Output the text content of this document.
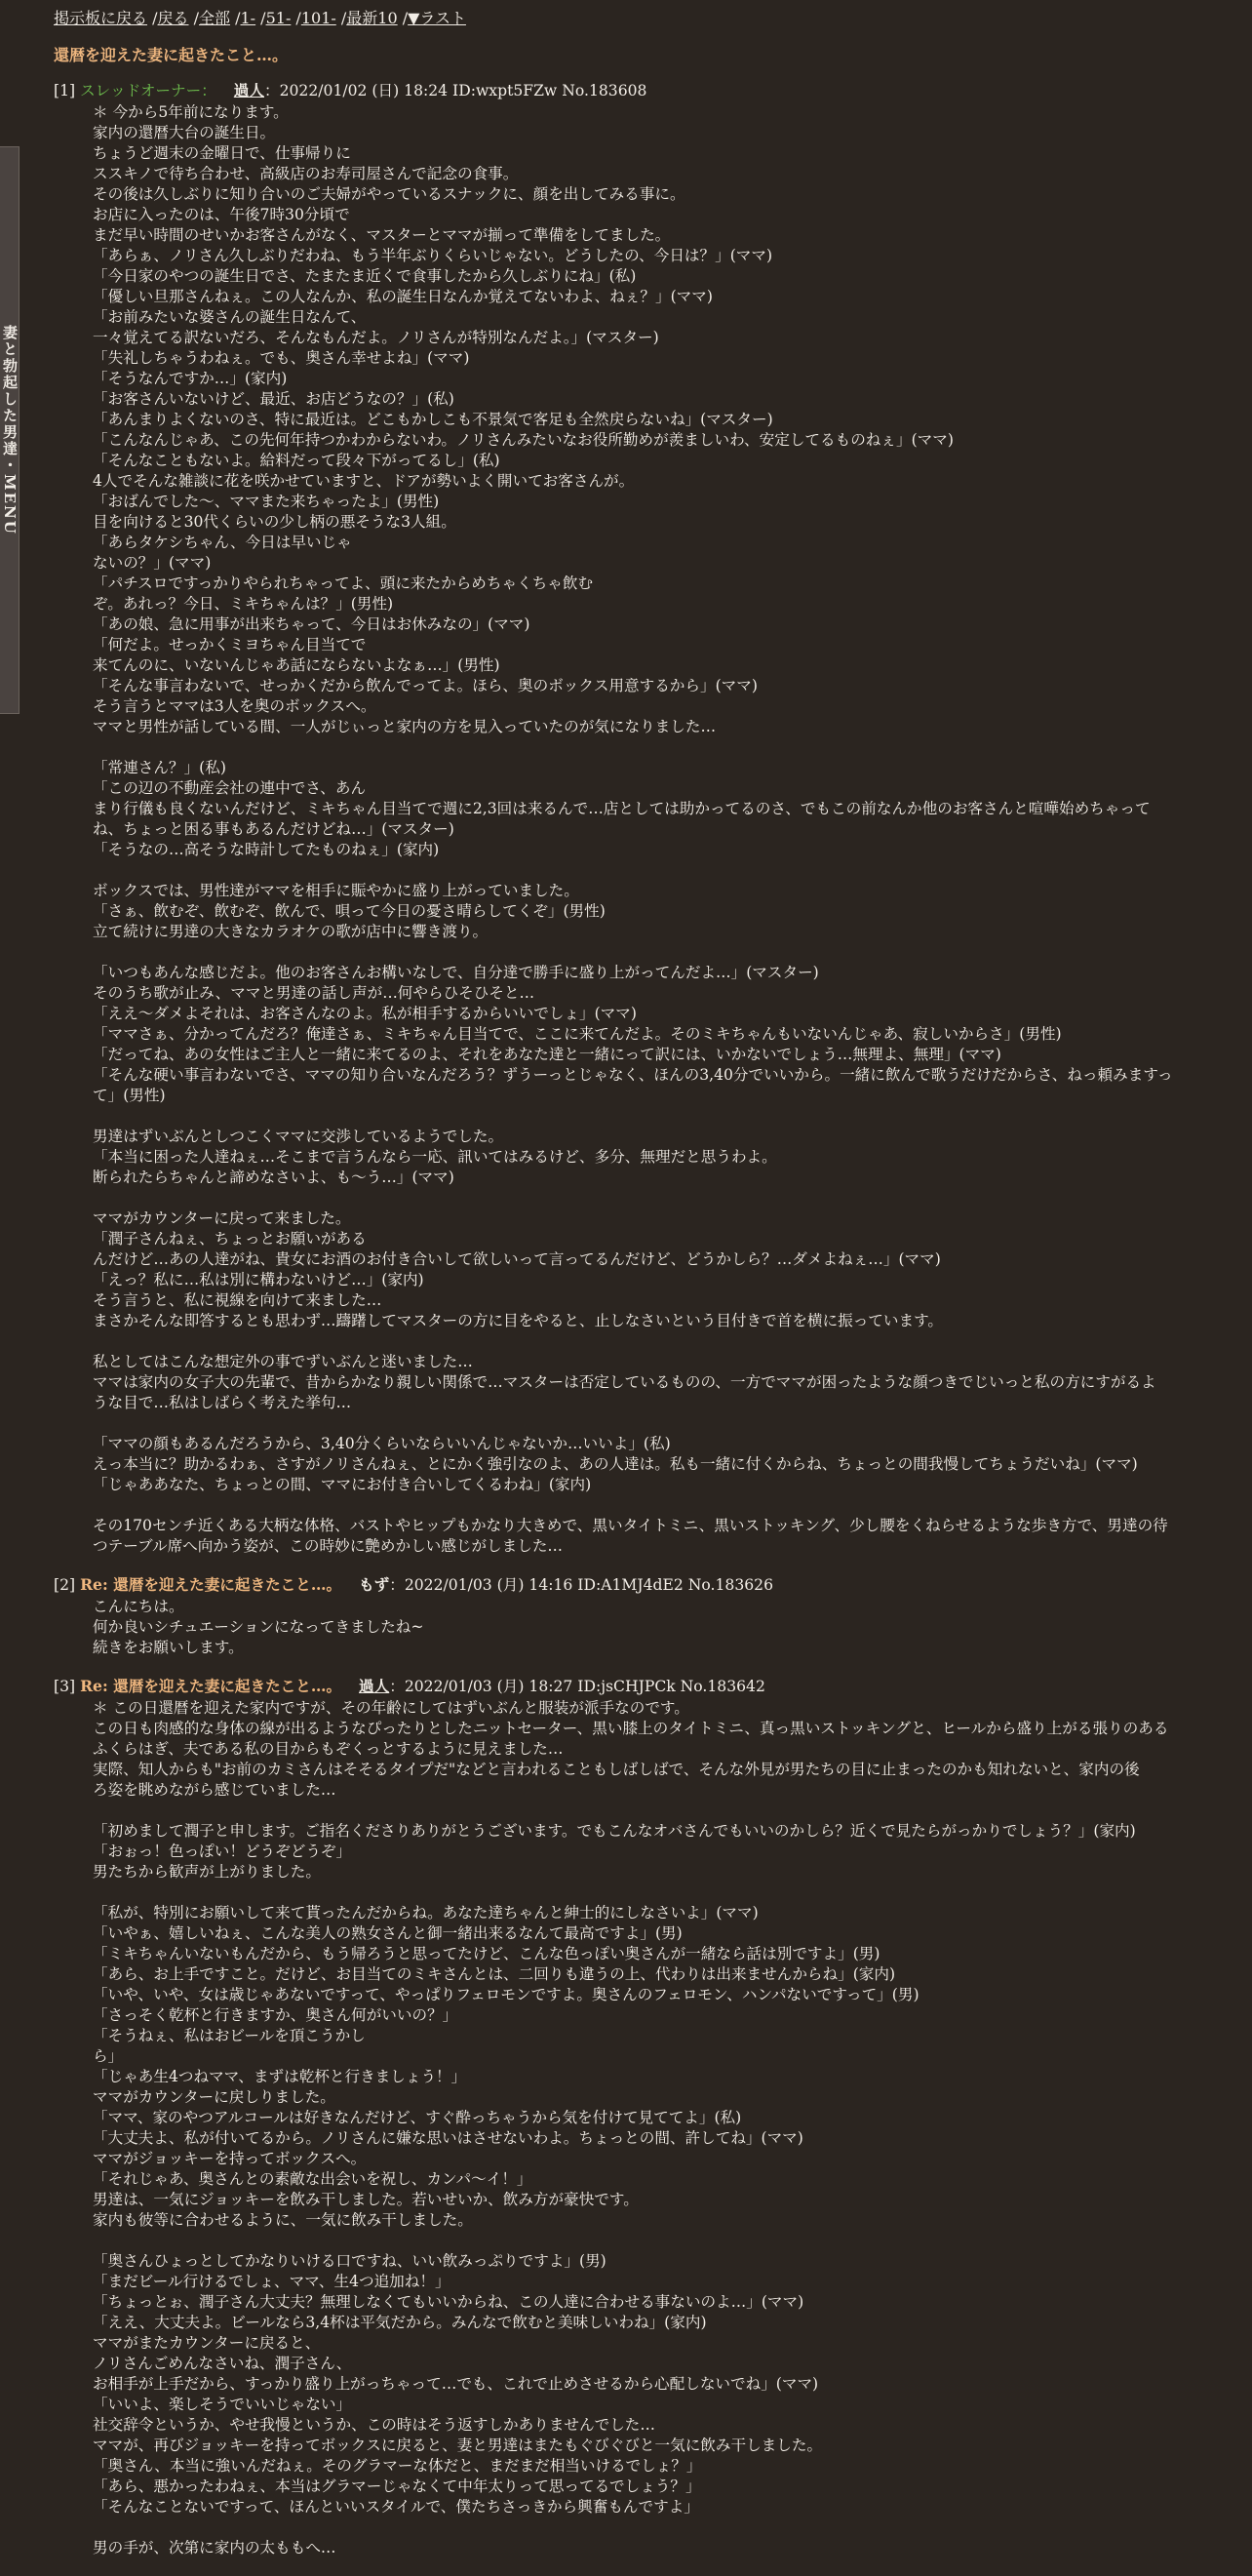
掲示板に戻る /戻る /全部 /1- /51- /101- /最新10 /▼ラスト
還暦を迎えた妻に起きたこと…。
妻と勃起した男達・MENU
[1] スレッドオーナー： 過人：2022/01/02 (日) 18:24 ID:wxpt5FZw No.183608
＊ 今から5年前になります。
家内の還暦大台の誕生日。
ちょうど週末の金曜日で、仕事帰りに
ススキノで待ち合わせ、高級店のお寿司屋さんで記念の食事。
その後は久しぶりに知り合いのご夫婦がやっているスナックに、顔を出してみる事に。
お店に入ったのは、午後7時30分頃で
まだ早い時間のせいかお客さんがなく、マスターとママが揃って準備をしてました。
「あらぁ、ノリさん久しぶりだわね、もう半年ぶりくらいじゃない。どうしたの、今日は？」(ママ)
「今日家のやつの誕生日でさ、たまたま近くで食事したから久しぶりにね」(私)
「優しい旦那さんねぇ。この人なんか、私の誕生日なんか覚えてないわよ、ねぇ？」(ママ)
「お前みたいな婆さんの誕生日なんて、
一々覚えてる訳ないだろ、そんなもんだよ。ノリさんが特別なんだよ。」(マスター)
「失礼しちゃうわねぇ。でも、奥さん幸せよね」(ママ)
「そうなんですか…」(家内)
「お客さんいないけど、最近、お店どうなの？」(私)
「あんまりよくないのさ、特に最近は。どこもかしこも不景気で客足も全然戻らないね」(マスター)
「こんなんじゃあ、この先何年持つかわからないわ。ノリさんみたいなお役所勤めが羨ましいわ、安定してるものねぇ」(ママ)
「そんなこともないよ。給料だって段々下がってるし」(私)
4人でそんな雑談に花を咲かせていますと、ドアが勢いよく開いてお客さんが。
「おばんでした～、ママまた来ちゃったよ」(男性)
目を向けると30代くらいの少し柄の悪そうな3人組。
「あらタケシちゃん、今日は早いじゃ
ないの？」(ママ)
「パチスロですっかりやられちゃってよ、頭に来たからめちゃくちゃ飲む
ぞ。あれっ？今日、ミキちゃんは？」(男性)
「あの娘、急に用事が出来ちゃって、今日はお休みなの」(ママ)
「何だよ。せっかくミヨちゃん目当てで
来てんのに、いないんじゃあ話にならないよなぁ…」(男性)
「そんな事言わないで、せっかくだから飲んでってよ。ほら、奥のボックス用意するから」(ママ)
そう言うとママは3人を奥のボックスへ。
ママと男性が話している間、一人がじぃっと家内の方を見入っていたのが気になりました…
「常連さん？」(私)
「この辺の不動産会社の連中でさ、あん
まり行儀も良くないんだけど、ミキちゃん目当てで週に2,3回は来るんで…店としては助かってるのさ、でもこの前なんか他のお客さんと喧嘩始めちゃって
ね、ちょっと困る事もあるんだけどね…」(マスター)
「そうなの…高そうな時計してたものねぇ」(家内)
ボックスでは、男性達がママを相手に賑やかに盛り上がっていました。
「さぁ、飲むぞ、飲むぞ、飲んで、唄って今日の憂さ晴らしてくぞ」(男性)
立て続けに男達の大きなカラオケの歌が店中に響き渡り。
「いつもあんな感じだよ。他のお客さんお構いなしで、自分達で勝手に盛り上がってんだよ…」(マスター)
そのうち歌が止み、ママと男達の話し声が…何やらひそひそと…
「ええ～ダメよそれは、お客さんなのよ。私が相手するからいいでしょ」(ママ)
「ママさぁ、分かってんだろ？俺達さぁ、ミキちゃん目当てで、ここに来てんだよ。そのミキちゃんもいないんじゃあ、寂しいからさ」(男性)
「だってね、あの女性はご主人と一緒に来てるのよ、それをあなた達と一緒にって訳には、いかないでしょう…無理よ、無理」(ママ)
「そんな硬い事言わないでさ、ママの知り合いなんだろう？ずうーっとじゃなく、ほんの3,40分でいいから。一緒に飲んで歌うだけだからさ、ねっ頼みますっ
て」(男性)
男達はずいぶんとしつこくママに交渉しているようでした。
「本当に困った人達ねぇ…そこまで言うんなら一応、訊いてはみるけど、多分、無理だと思うわよ。
断られたらちゃんと諦めなさいよ、も～う…」(ママ)
ママがカウンターに戻って来ました。
「潤子さんねぇ、ちょっとお願いがある
んだけど…あの人達がね、貴女にお酒のお付き合いして欲しいって言ってるんだけど、どうかしら？…ダメよねぇ…」(ママ)
「えっ？私に…私は別に構わないけど…」(家内)
そう言うと、私に視線を向けて来ました…
まさかそんな即答するとも思わず…躊躇してマスターの方に目をやると、止しなさいという目付きで首を横に振っています。
私としてはこんな想定外の事でずいぶんと迷いました…
ママは家内の女子大の先輩で、昔からかなり親しい関係で…マスターは否定しているものの、一方でママが困ったような顔つきでじいっと私の方にすがるよ
うな目で…私はしばらく考えた挙句…
「ママの顔もあるんだろうから、3,40分くらいならいいんじゃないか…いいよ」(私)
えっ本当に？助かるわぁ、さすがノリさんねぇ、とにかく強引なのよ、あの人達は。私も一緒に付くからね、ちょっとの間我慢してちょうだいね」(ママ)
「じゃああなた、ちょっとの間、ママにお付き合いしてくるわね」(家内)
その170センチ近くある大柄な体格、バストやヒップもかなり大きめで、黒いタイトミニ、黒いストッキング、少し腰をくねらせるような歩き方で、男達の待
つテーブル席へ向かう姿が、この時妙に艶めかしい感じがしました…
[2] Re: 還暦を迎えた妻に起きたこと…。 もず：2022/01/03 (月) 14:16 ID:A1MJ4dE2 No.183626
こんにちは。
何か良いシチュエーションになってきましたね~
続きをお願いします。
[3] Re: 還暦を迎えた妻に起きたこと…。 過人：2022/01/03 (月) 18:27 ID:jsCHJPCk No.183642
＊ この日還暦を迎えた家内ですが、その年齢にしてはずいぶんと服装が派手なのです。
この日も肉感的な身体の線が出るようなぴったりとしたニットセーター、黒い膝上のタイトミニ、真っ黒いストッキングと、ヒールから盛り上がる張りのある
ふくらはぎ、夫である私の目からもぞくっとするように見えました…
実際、知人からも"お前のカミさんはそそるタイプだ"などと言われることもしばしばで、そんな外見が男たちの目に止まったのかも知れないと、家内の後
ろ姿を眺めながら感じていました…
「初めまして潤子と申します。ご指名くださりありがとうございます。でもこんなオバさんでもいいのかしら？近くで見たらがっかりでしょう？」(家内)
「おぉっ！色っぽい！どうぞどうぞ」
男たちから歓声が上がりました。
「私が、特別にお願いして来て貰ったんだからね。あなた達ちゃんと紳士的にしなさいよ」(ママ)
「いやぁ、嬉しいねぇ、こんな美人の熟女さんと御一緒出来るなんて最高ですよ」(男)
「ミキちゃんいないもんだから、もう帰ろうと思ってたけど、こんな色っぽい奥さんが一緒なら話は別ですよ」(男)
「あら、お上手ですこと。だけど、お目当てのミキさんとは、二回りも違うの上、代わりは出来ませんからね」(家内)
「いや、いや、女は歳じゃあないですって、やっぱりフェロモンですよ。奥さんのフェロモン、ハンパないですって」(男)
「さっそく乾杯と行きますか、奥さん何がいいの？」
「そうねぇ、私はおビールを頂こうかし
ら」
「じゃあ生4つねママ、まずは乾杯と行きましょう！」
ママがカウンターに戻しりました。
「ママ、家のやつアルコールは好きなんだけど、すぐ酔っちゃうから気を付けて見ててよ」(私)
「大丈夫よ、私が付いてるから。ノリさんに嫌な思いはさせないわよ。ちょっとの間、許してね」(ママ)
ママがジョッキーを持ってボックスへ。
「それじゃあ、奥さんとの素敵な出会いを祝し、カンパ～イ！」
男達は、一気にジョッキーを飲み干しました。若いせいか、飲み方が豪快です。
家内も彼等に合わせるように、一気に飲み干しました。
「奥さんひょっとしてかなりいける口ですね、いい飲みっぷりですよ」(男)
「まだビール行けるでしょ、ママ、生4つ追加ね！」
「ちょっとぉ、潤子さん大丈夫？無理しなくてもいいからね、この人達に合わせる事ないのよ…」(ママ)
「ええ、大丈夫よ。ビールなら3,4杯は平気だから。みんなで飲むと美味しいわね」(家内)
ママがまたカウンターに戻ると、
ノリさんごめんなさいね、潤子さん、
お相手が上手だから、すっかり盛り上がっちゃって…でも、これで止めさせるから心配しないでね」(ママ)
「いいよ、楽しそうでいいじゃない」
社交辞令というか、やせ我慢というか、この時はそう返すしかありませんでした…
ママが、再びジョッキーを持ってボックスに戻ると、妻と男達はまたもぐびぐびと一気に飲み干しました。
「奥さん、本当に強いんだねぇ。そのグラマーな体だと、まだまだ相当いけるでしょ？」
「あら、悪かったわねぇ、本当はグラマーじゃなくて中年太りって思ってるでしょう？」
「そんなことないですって、ほんといいスタイルで、僕たちさっきから興奮もんですよ」
男の手が、次第に家内の太ももへ…
